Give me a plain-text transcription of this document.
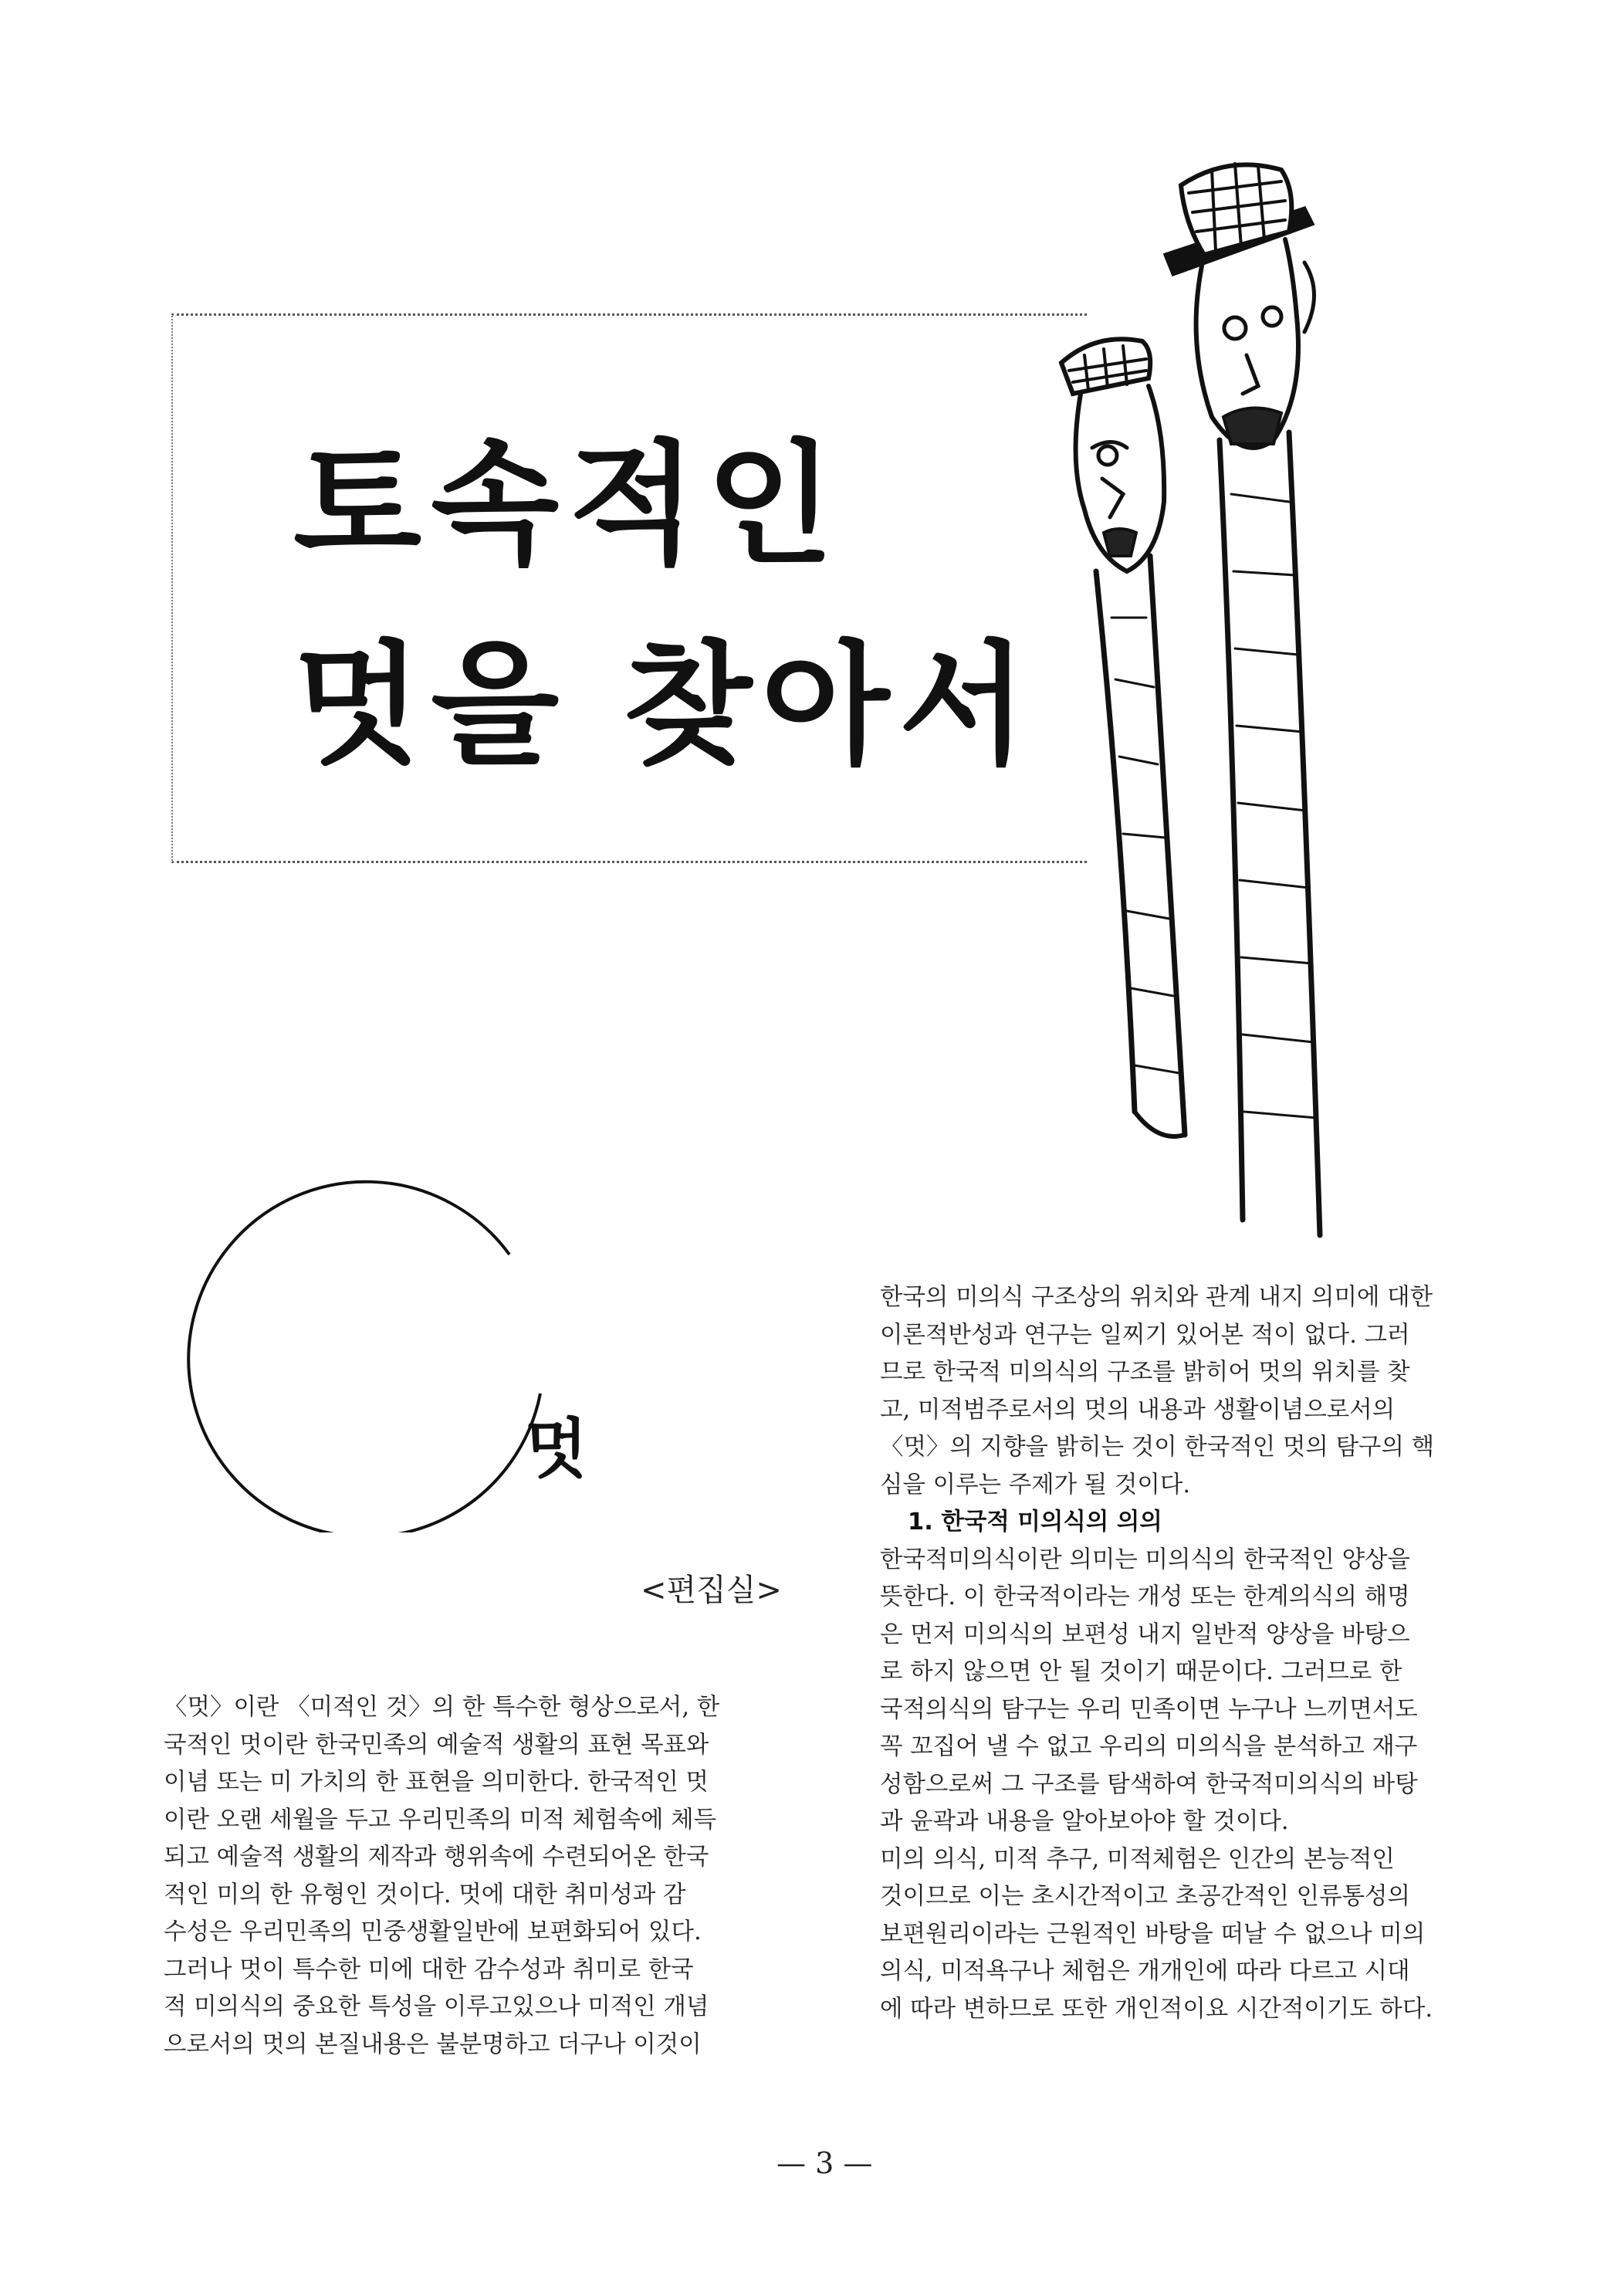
토속적인
멋을 찾아서
멋
<편집실>

〈멋〉이란 〈미적인 것〉의 한 특수한 형상으로서, 한

국적인 멋이란 한국민족의 예술적 생활의 표현 목표와

이념 또는 미 가치의 한 표현을 의미한다. 한국적인 멋

이란 오랜 세월을 두고 우리민족의 미적 체험속에 체득

되고 예술적 생활의 제작과 행위속에 수련되어온 한국

적인 미의 한 유형인 것이다. 멋에 대한 취미성과 감

수성은 우리민족의 민중생활일반에 보편화되어 있다.

그러나 멋이 특수한 미에 대한 감수성과 취미로 한국

적 미의식의 중요한 특성을 이루고있으나 미적인 개념

으로서의 멋의 본질내용은 불분명하고 더구나 이것이

한국의 미의식 구조상의 위치와 관계 내지 의미에 대한

이론적반성과 연구는 일찌기 있어본 적이 없다. 그러

므로 한국적 미의식의 구조를 밝히어 멋의 위치를 찾

고, 미적범주로서의 멋의 내용과 생활이념으로서의

〈멋〉의 지향을 밝히는 것이 한국적인 멋의 탐구의 핵

심을 이루는 주제가 될 것이다.

1. 한국적 미의식의 의의

한국적미의식이란 의미는 미의식의 한국적인 양상을

뜻한다. 이 한국적이라는 개성 또는 한계의식의 해명

은 먼저 미의식의 보편성 내지 일반적 양상을 바탕으

로 하지 않으면 안 될 것이기 때문이다. 그러므로 한

국적의식의 탐구는 우리 민족이면 누구나 느끼면서도

꼭 꼬집어 낼 수 없고 우리의 미의식을 분석하고 재구

성함으로써 그 구조를 탐색하여 한국적미의식의 바탕

과 윤곽과 내용을 알아보아야 할 것이다.

미의 의식, 미적 추구, 미적체험은 인간의 본능적인

것이므로 이는 초시간적이고 초공간적인 인류통성의

보편원리이라는 근원적인 바탕을 떠날 수 없으나 미의

의식, 미적욕구나 체험은 개개인에 따라 다르고 시대

에 따라 변하므로 또한 개인적이요 시간적이기도 하다.

— 3 —
